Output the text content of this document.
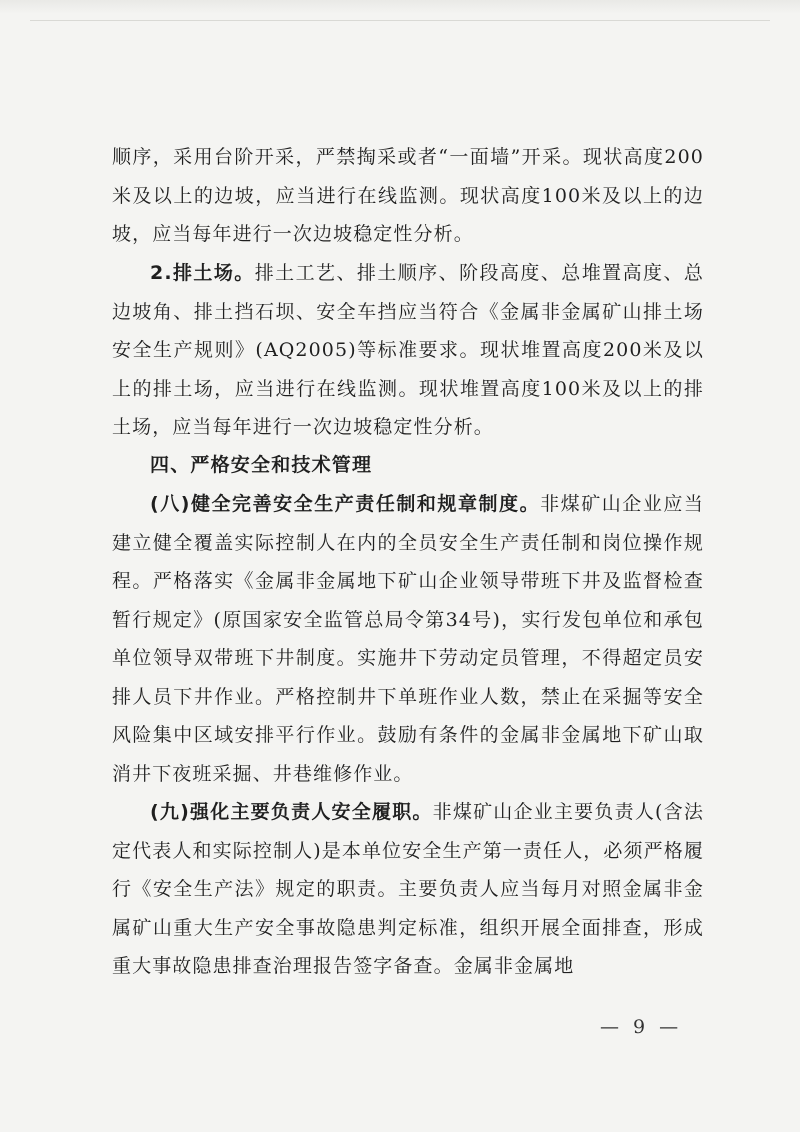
顺序，采用台阶开采，严禁掏采或者“一面墙”开采。现状高度200米及以上的边坡，应当进行在线监测。现状高度100米及以上的边坡，应当每年进行一次边坡稳定性分析。

2.排土场。排土工艺、排土顺序、阶段高度、总堆置高度、总边坡角、排土挡石坝、安全车挡应当符合《金属非金属矿山排土场安全生产规则》(AQ2005)等标准要求。现状堆置高度200米及以上的排土场，应当进行在线监测。现状堆置高度100米及以上的排土场，应当每年进行一次边坡稳定性分析。

四、严格安全和技术管理

(八)健全完善安全生产责任制和规章制度。非煤矿山企业应当建立健全覆盖实际控制人在内的全员安全生产责任制和岗位操作规程。严格落实《金属非金属地下矿山企业领导带班下井及监督检查暂行规定》(原国家安全监管总局令第34号)，实行发包单位和承包单位领导双带班下井制度。实施井下劳动定员管理，不得超定员安排人员下井作业。严格控制井下单班作业人数，禁止在采掘等安全风险集中区域安排平行作业。鼓励有条件的金属非金属地下矿山取消井下夜班采掘、井巷维修作业。

(九)强化主要负责人安全履职。非煤矿山企业主要负责人(含法定代表人和实际控制人)是本单位安全生产第一责任人，必须严格履行《安全生产法》规定的职责。主要负责人应当每月对照金属非金属矿山重大生产安全事故隐患判定标准，组织开展全面排查，形成重大事故隐患排查治理报告签字备查。金属非金属地

— 9 —
